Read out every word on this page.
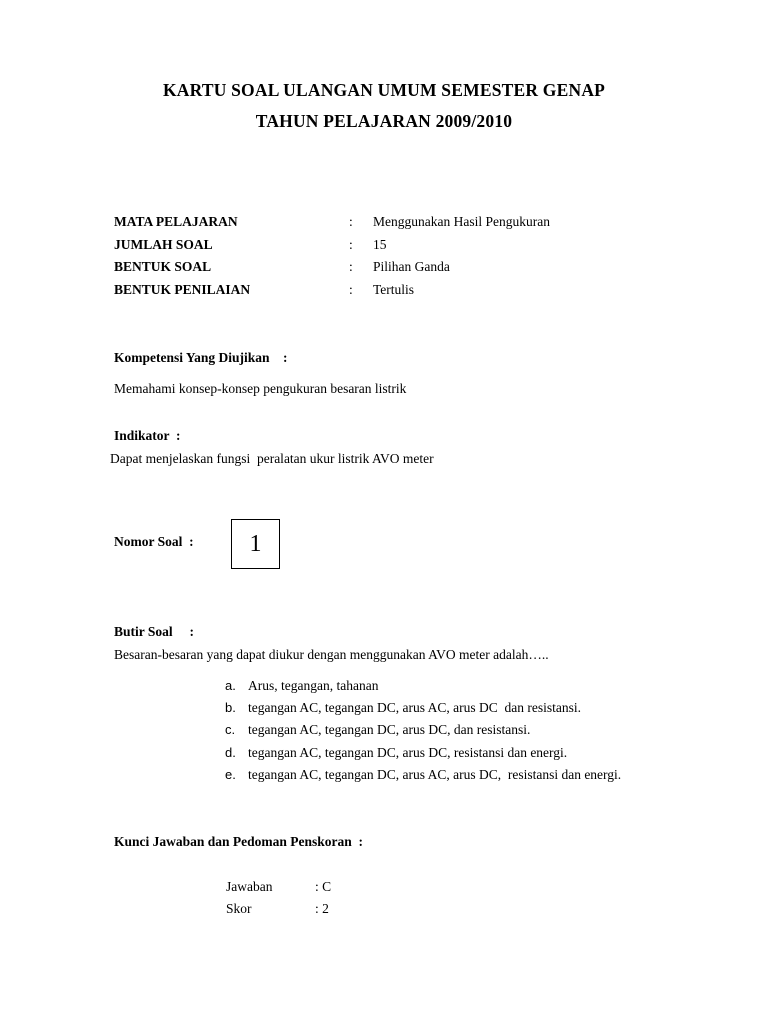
KARTU SOAL ULANGAN UMUM SEMESTER GENAP
TAHUN PELAJARAN 2009/2010
MATA PELAJARAN	: Menggunakan Hasil Pengukuran
JUMLAH SOAL	: 15
BENTUK SOAL	: Pilihan Ganda
BENTUK PENILAIAN	: Tertulis
Kompetensi Yang Diujikan    :
Memahami konsep-konsep pengukuran besaran listrik
Indikator  :
Dapat menjelaskan fungsi  peralatan ukur listrik AVO meter
Nomor Soal  :	1
Butir Soal     :
Besaran-besaran yang dapat diukur dengan menggunakan AVO meter adalah…..
a. Arus, tegangan, tahanan
b. tegangan AC, tegangan DC, arus AC, arus DC  dan resistansi.
c. tegangan AC, tegangan DC, arus DC, dan resistansi.
d. tegangan AC, tegangan DC, arus DC, resistansi dan energi.
e. tegangan AC, tegangan DC, arus AC, arus DC,  resistansi dan energi.
Kunci Jawaban dan Pedoman Penskoran  :
Jawaban	: C
Skor	: 2
